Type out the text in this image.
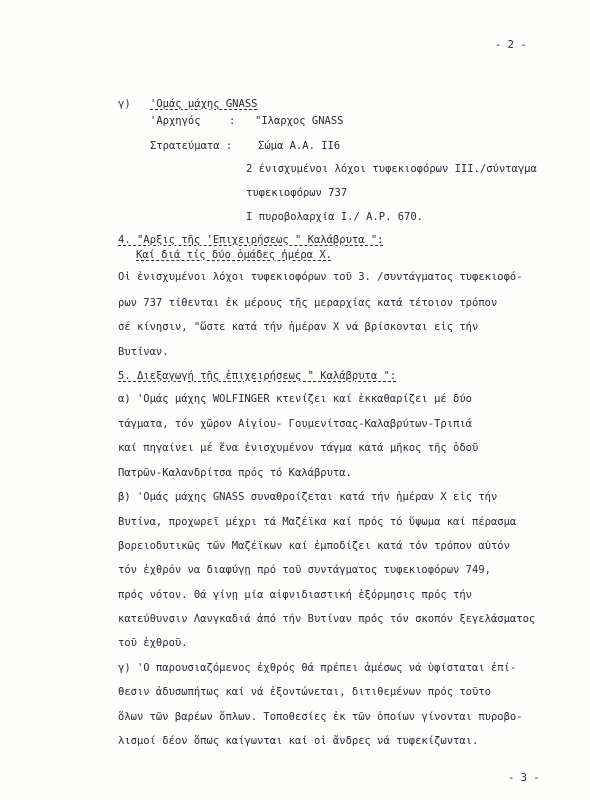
- 2 -
γ) 'Ομάς μάχης GNASS
'Αρχηγός	: "Ιλαρχος GNASS
Στρατεύματα : Σώμα Α.Α. ΙΙ6
2 ένισχυμένοι λόχοι τυφεκιοφόρων ΙΙΙ./σύνταγμα
τυφεκιοφόρων 737
Ι πυροβολαρχία Ι./ Α.Ρ. 670.
4. "Αρξις τῆς 'Επιχειρήσεως " Καλάβρυτα ":
Καί διά τίς δύο ὁμάδες ἡμέρα Χ.
Οἱ ἐνισχυμένοι λόχοι τυφεκιοφόρων τοῦ 3. /συντάγματος τυφεκιοφό-
ρων 737 τίθενται ἐκ μέρους τῆς μεραρχίας κατά τέτοιον τρόπον
σέ κίνησιν, "ὥστε κατά τήν ἡμέραν Χ νά βρίσκονται εἰς τήν
Βυτίναν.
5. Διεξαγωγή τῆς ἐπιχειρήσεως " Καλάβρυτα ":
α) 'Ομάς μάχης WOLFINGER κτενίζει καί ἐκκαθαρίζει μέ δύο
τάγματα, τόν χῶρον Αἰγίου- Γουμενίτσας-Καλαβρύτων-Τριπιά
καί πηγαίνει μέ ἕνα ἐνισχυμένον τάγμα κατά μῆκος τῆς ὁδοῦ
Πατρῶν-Καλανδρίτσα πρός τό Καλάβρυτα.
β) 'Ομάς μάχης GNASS συναθροίζεται κατά τήν ἡμέραν Χ εἰς τήν
Βυτίνα, προχωρεῖ μέχρι τά Μαζέϊκα καί πρός τό ὕψωμα καί πέρασμα
βορειοδυτικῶς τῶν Μαζέϊκων καί ἐμποδίζει κατά τόν τρόπον αὐτόν
τόν ἐχθρόν να διαφύγῃ πρό τοῦ συντάγματος τυφεκιοφόρων 749,
πρός νότον. Θά γίνῃ μία αἰφνιδιαστική ἐξόρμησις πρός τήν
κατεύθυνσιν Λανγκαδιά ἀπό τήν Βυτίναν πρός τόν σκοπόν ξεγελάσματος
τοῦ ἐχθροῦ.
γ) 'Ο παρουσιαζόμενος ἐχθρός θά πρέπει ἀμέσως νά ὑφίσταται ἐπί-
θεσιν ἀδυσωπήτως καί νά ἐξοντώνεται, διτιθεμένων πρός τοῦτο
ὅλων τῶν βαρέων ὅπλων. Τοποθεσίες ἐκ τῶν ὁποίων γίνονται πυροβο-
λισμοί δέον ὅπως καίγωνται καί οἱ ἄνδρες νά τυφεκίζωνται.
- 3 -
